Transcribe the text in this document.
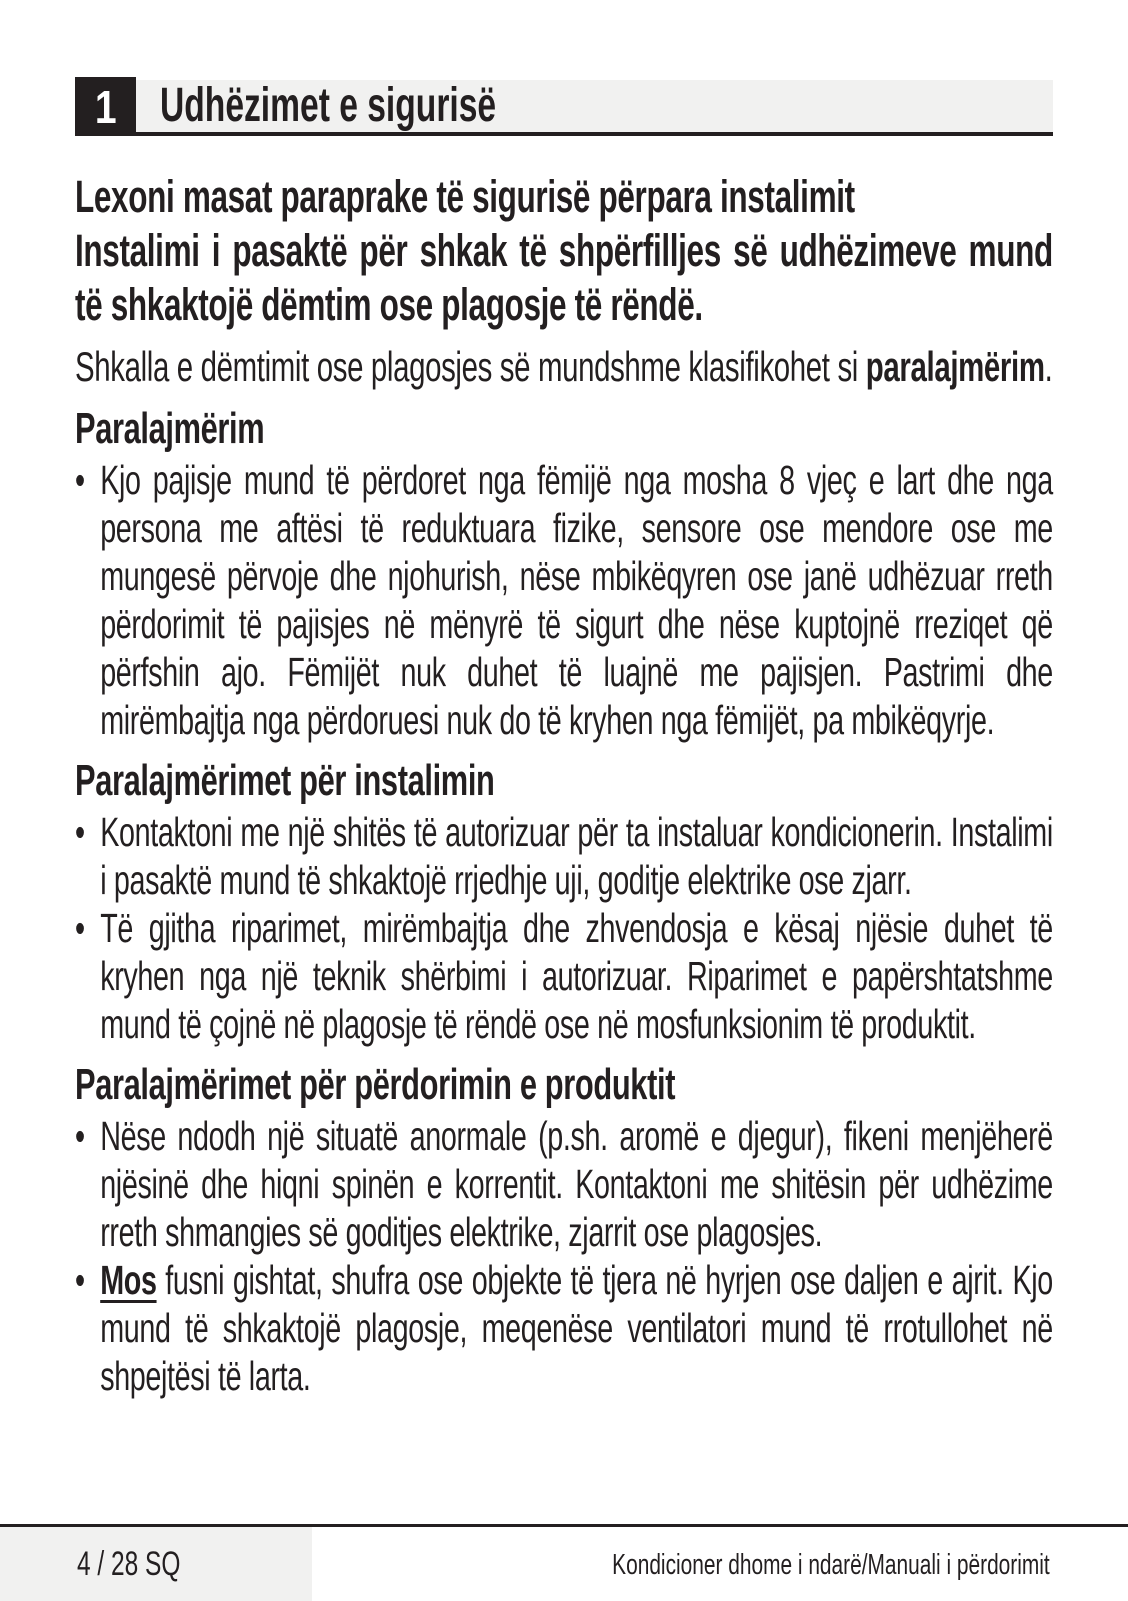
1 Udhëzimet e sigurisë

Lexoni masat paraprake të sigurisë përpara instalimit

Instalimi i pasaktë për shkak të shpërfilljes së udhëzimeve mund të shkaktojë dëmtim ose plagosje të rëndë.

Shkalla e dëmtimit ose plagosjes së mundshme klasifikohet si paralajmërim.

Paralajmërim
• Kjo pajisje mund të përdoret nga fëmijë nga mosha 8 vjeç e lart dhe nga persona me aftësi të reduktuara fizike, sensore ose mendore ose me mungesë përvoje dhe njohurish, nëse mbikëqyren ose janë udhëzuar rreth përdorimit të pajisjes në mënyrë të sigurt dhe nëse kuptojnë rreziqet që përfshin ajo. Fëmijët nuk duhet të luajnë me pajisjen. Pastrimi dhe mirëmbajtja nga përdoruesi nuk do të kryhen nga fëmijët, pa mbikëqyrje.
Paralajmërimet për instalimin
• Kontaktoni me një shitës të autorizuar për ta instaluar kondicionerin. Instalimi i pasaktë mund të shkaktojë rrjedhje uji, goditje elektrike ose zjarr.
• Të gjitha riparimet, mirëmbajtja dhe zhvendosja e kësaj njësie duhet të kryhen nga një teknik shërbimi i autorizuar. Riparimet e papërshtatshme mund të çojnë në plagosje të rëndë ose në mosfunksionim të produktit.
Paralajmërimet për përdorimin e produktit
• Nëse ndodh një situatë anormale (p.sh. aromë e djegur), fikeni menjëherë njësinë dhe hiqni spinën e korrentit. Kontaktoni me shitësin për udhëzime rreth shmangies së goditjes elektrike, zjarrit ose plagosjes.
• Mos fusni gishtat, shufra ose objekte të tjera në hyrjen ose daljen e ajrit. Kjo mund të shkaktojë plagosje, meqenëse ventilatori mund të rrotullohet në shpejtësi të larta.
4 / 28 SQ	Kondicioner dhome i ndarë/Manuali i përdorimit
